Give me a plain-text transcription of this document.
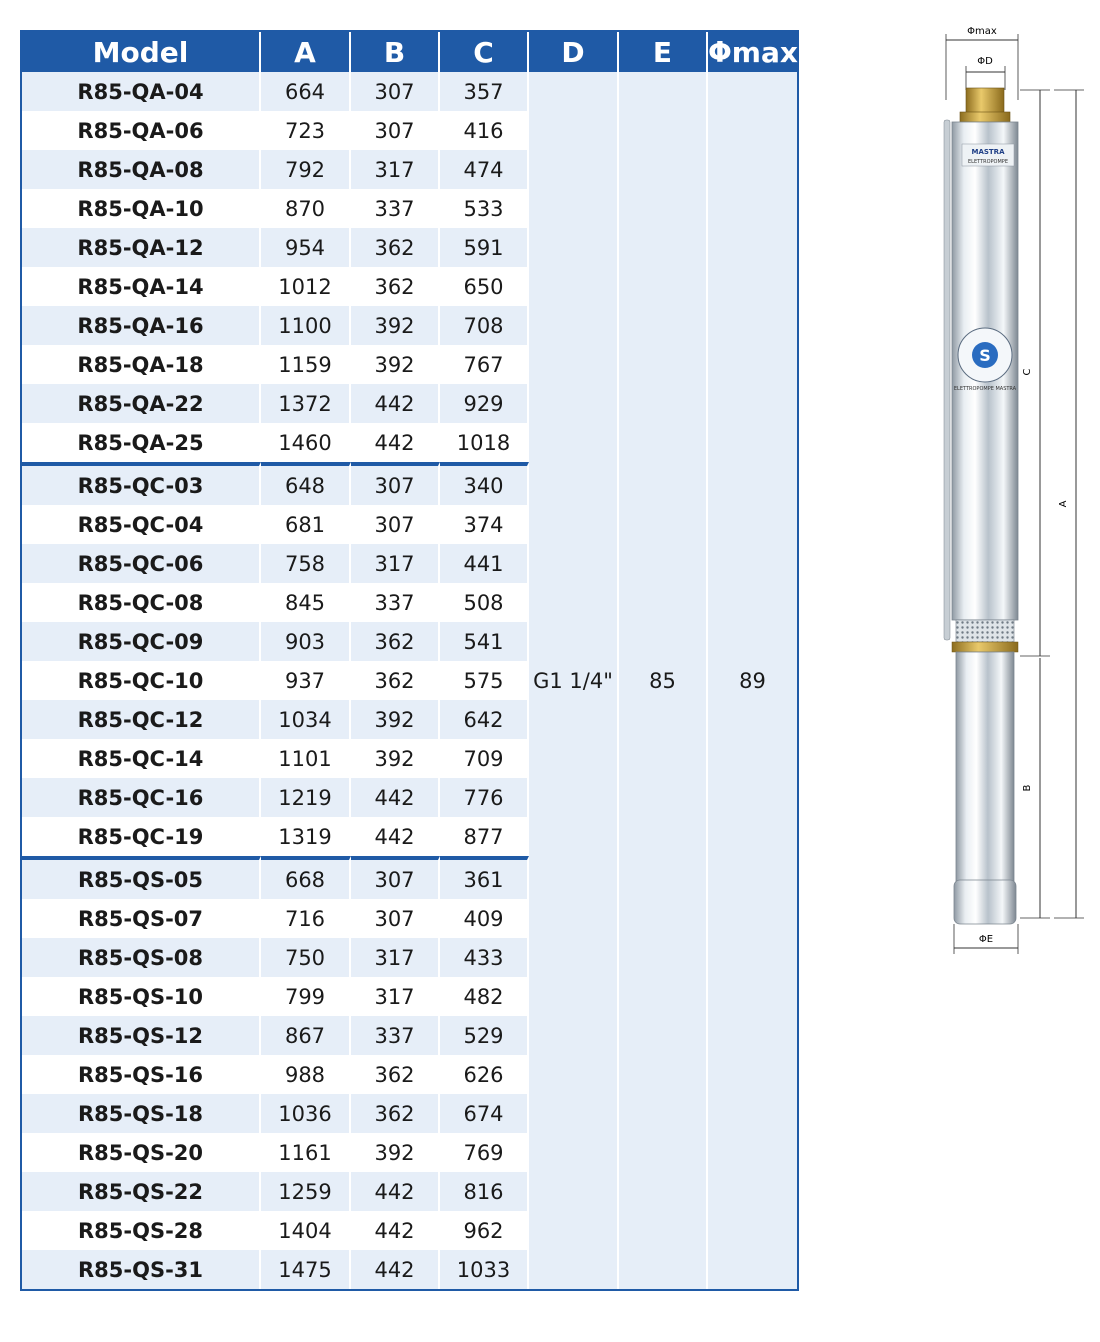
Model	A	B	C	D	E	Φmax
R85-QA-04	664	307	357	G1 1/4"	85	89
R85-QA-06	723	307	416			
R85-QA-08	792	317	474			
R85-QA-10	870	337	533			
R85-QA-12	954	362	591			
R85-QA-14	1012	362	650			
R85-QA-16	1100	392	708			
R85-QA-18	1159	392	767			
R85-QA-22	1372	442	929			
R85-QA-25	1460	442	1018			
R85-QC-03	648	307	340			
R85-QC-04	681	307	374			
R85-QC-06	758	317	441			
R85-QC-08	845	337	508			
R85-QC-09	903	362	541			
R85-QC-10	937	362	575			
R85-QC-12	1034	392	642			
R85-QC-14	1101	392	709			
R85-QC-16	1219	442	776			
R85-QC-19	1319	442	877			
R85-QS-05	668	307	361			
R85-QS-07	716	307	409			
R85-QS-08	750	317	433			
R85-QS-10	799	317	482			
R85-QS-12	867	337	529			
R85-QS-16	988	362	626			
R85-QS-18	1036	362	674			
R85-QS-20	1161	392	769			
R85-QS-22	1259	442	816			
R85-QS-28	1404	442	962			
R85-QS-31	1475	442	1033			
Φmax
ΦD
MASTRA
ELETTROPOMPE
S
ELETTROPOMPE MASTRA
ΦE
C
A
B
